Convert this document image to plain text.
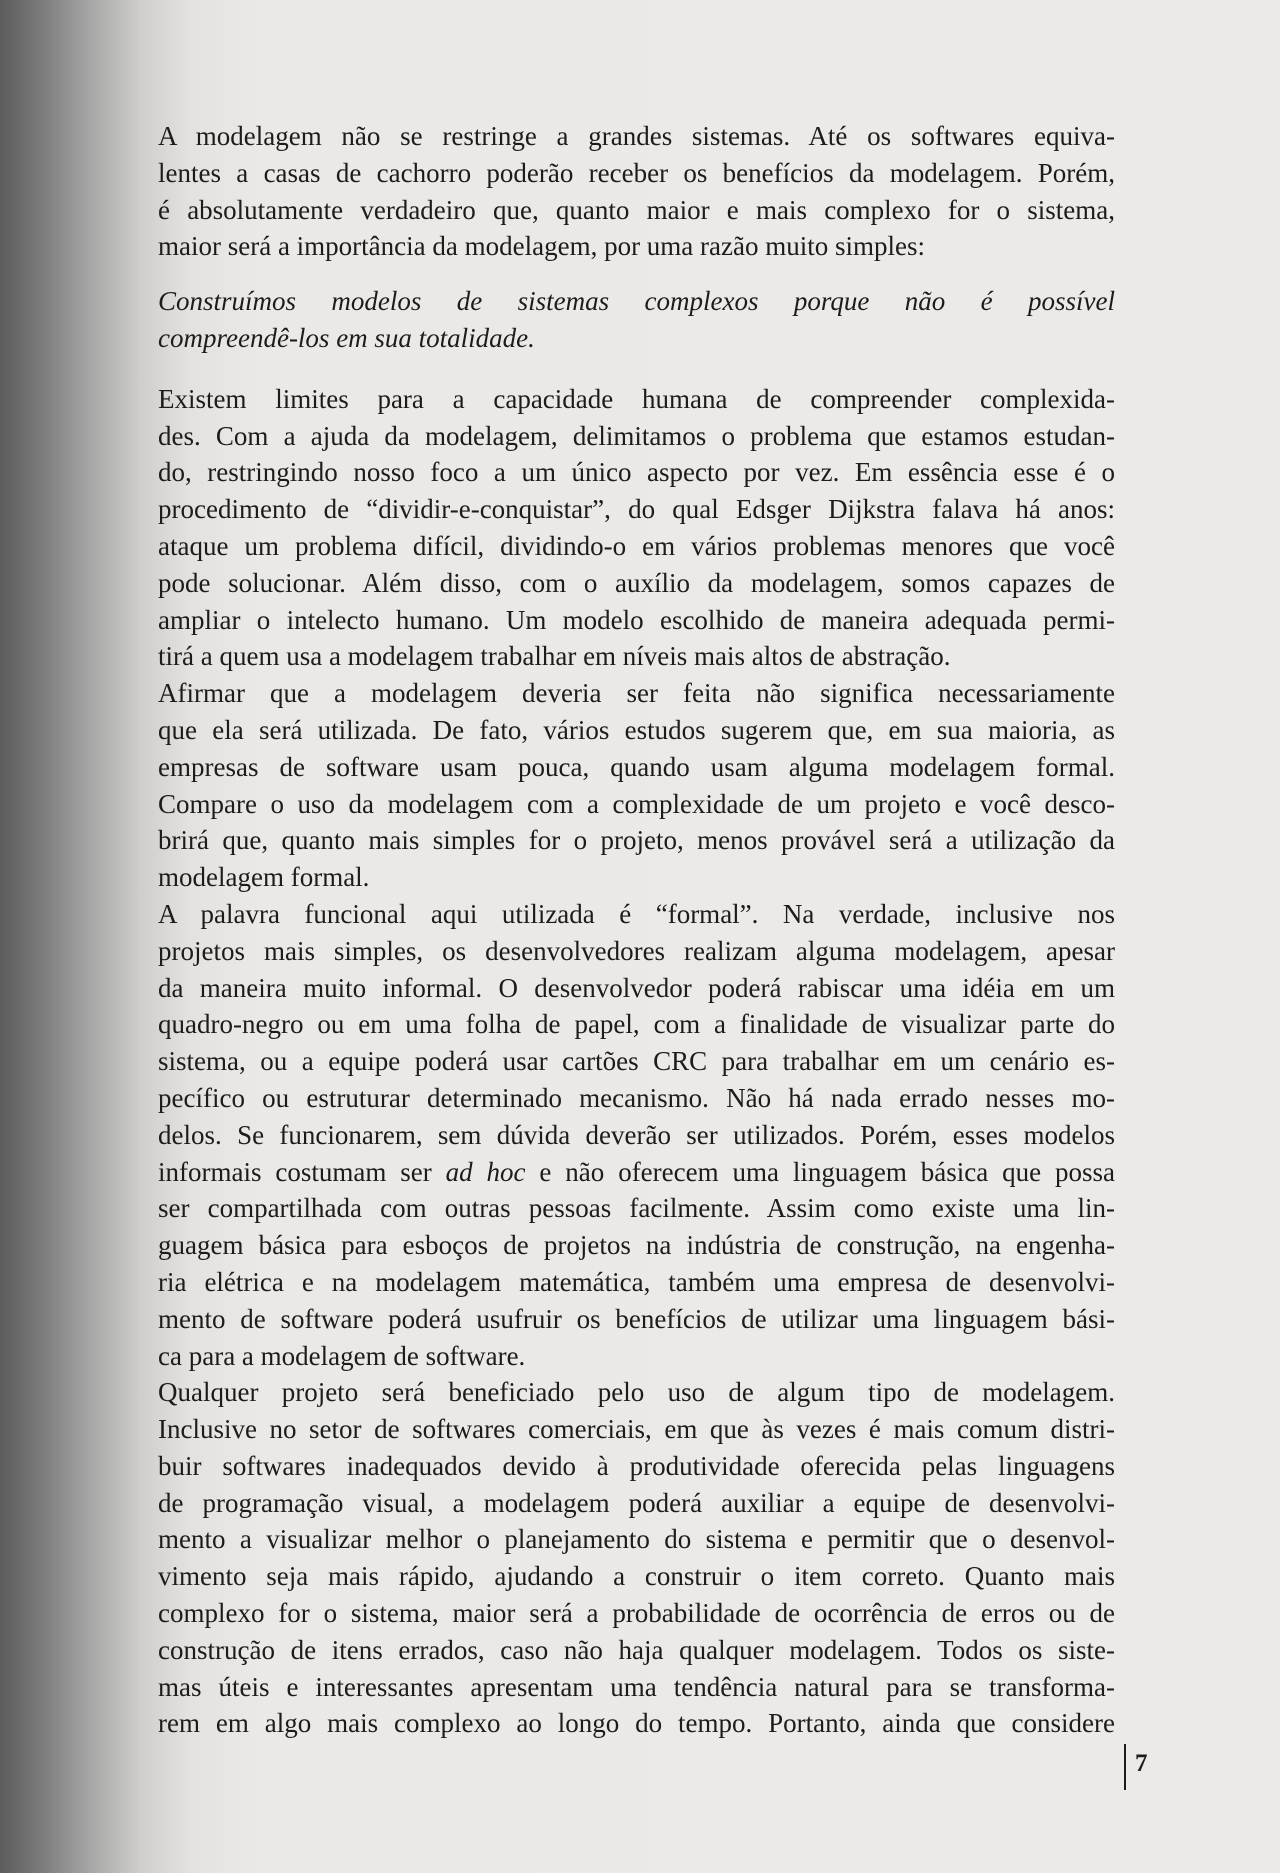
A modelagem não se restringe a grandes sistemas. Até os softwares equiva-
lentes a casas de cachorro poderão receber os benefícios da modelagem. Porém,
é absolutamente verdadeiro que, quanto maior e mais complexo for o sistema,
maior será a importância da modelagem, por uma razão muito simples:
Construímos modelos de sistemas complexos porque não é possível
compreendê-los em sua totalidade.
Existem limites para a capacidade humana de compreender complexida-
des. Com a ajuda da modelagem, delimitamos o problema que estamos estudan-
do, restringindo nosso foco a um único aspecto por vez. Em essência esse é o
procedimento de “dividir-e-conquistar”, do qual Edsger Dijkstra falava há anos:
ataque um problema difícil, dividindo-o em vários problemas menores que você
pode solucionar. Além disso, com o auxílio da modelagem, somos capazes de
ampliar o intelecto humano. Um modelo escolhido de maneira adequada permi-
tirá a quem usa a modelagem trabalhar em níveis mais altos de abstração.
Afirmar que a modelagem deveria ser feita não significa necessariamente
que ela será utilizada. De fato, vários estudos sugerem que, em sua maioria, as
empresas de software usam pouca, quando usam alguma modelagem formal.
Compare o uso da modelagem com a complexidade de um projeto e você desco-
brirá que, quanto mais simples for o projeto, menos provável será a utilização da
modelagem formal.
A palavra funcional aqui utilizada é “formal”. Na verdade, inclusive nos
projetos mais simples, os desenvolvedores realizam alguma modelagem, apesar
da maneira muito informal. O desenvolvedor poderá rabiscar uma idéia em um
quadro-negro ou em uma folha de papel, com a finalidade de visualizar parte do
sistema, ou a equipe poderá usar cartões CRC para trabalhar em um cenário es-
pecífico ou estruturar determinado mecanismo. Não há nada errado nesses mo-
delos. Se funcionarem, sem dúvida deverão ser utilizados. Porém, esses modelos
informais costumam ser ad hoc e não oferecem uma linguagem básica que possa
ser compartilhada com outras pessoas facilmente. Assim como existe uma lin-
guagem básica para esboços de projetos na indústria de construção, na engenha-
ria elétrica e na modelagem matemática, também uma empresa de desenvolvi-
mento de software poderá usufruir os benefícios de utilizar uma linguagem bási-
ca para a modelagem de software.
Qualquer projeto será beneficiado pelo uso de algum tipo de modelagem.
Inclusive no setor de softwares comerciais, em que às vezes é mais comum distri-
buir softwares inadequados devido à produtividade oferecida pelas linguagens
de programação visual, a modelagem poderá auxiliar a equipe de desenvolvi-
mento a visualizar melhor o planejamento do sistema e permitir que o desenvol-
vimento seja mais rápido, ajudando a construir o item correto. Quanto mais
complexo for o sistema, maior será a probabilidade de ocorrência de erros ou de
construção de itens errados, caso não haja qualquer modelagem. Todos os siste-
mas úteis e interessantes apresentam uma tendência natural para se transforma-
rem em algo mais complexo ao longo do tempo. Portanto, ainda que considere
7
